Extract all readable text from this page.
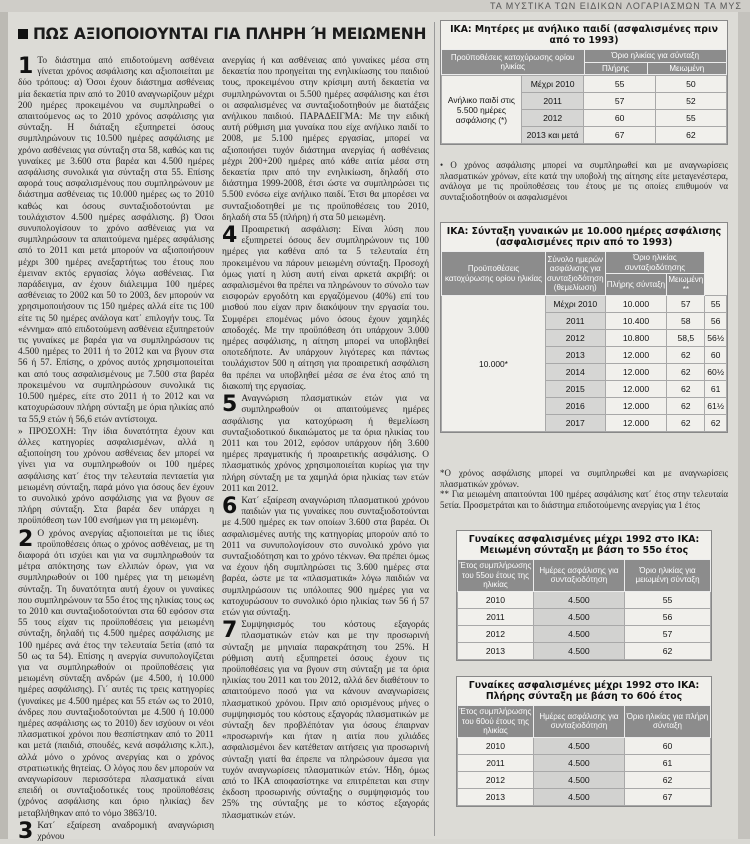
ΤΑ ΜΥΣΤΙΚΑ ΤΩΝ ΕΙΔΙΚΩΝ ΛΟΓΑΡΙΑΣΜΩΝ ΤΑ ΜΥΣ
ΠΩΣ ΑΞΙΟΠΟΙΟΥΝΤΑΙ ΓΙΑ ΠΛΗΡΗ Ή ΜΕΙΩΜΕΝΗ

1 Το διάστημα από επιδοτούμενη ασθένεια γίνεται χρόνος ασφάλισης και αξιοποιείται με δύο τρόπους: α) Όσοι έχουν διάστημα ασθένειας μία δεκαετία πριν από το 2010 αναγνωρίζουν μέχρι 200 ημέρες προκειμένου να συμπληρωθεί ο απαιτούμενος ως το 2010 χρόνος ασφάλισης για σύνταξη. Η διάταξη εξυπηρετεί όσους συμπληρώνουν τις 10.500 ημέρες ασφάλισης με χρόνο ασθένειας για σύνταξη στα 58, καθώς και τις γυναίκες με 3.600 στα βαρέα και 4.500 ημέρες ασφάλισης συνολικά για σύνταξη στα 55. Επίσης αφορά τους ασφαλισμένους που συμπληρώνουν με διάστημα ασθένειας τις 10.000 ημέρες ως το 2010 καθώς και όσους συνταξιοδοτούνται με τουλάχιστον 4.500 ημέρες ασφάλισης. β) Όσοι συνυπολογίσουν το χρόνο ασθένειας για να συμπληρώσουν τα απαιτούμενα ημέρες ασφάλισης από το 2011 και μετά μπορούν να αξιοποιήσουν μέχρι 300 ημέρες ανεξαρτήτως του έτους που έμειναν εκτός εργασίας λόγω ασθένειας. Για παράδειγμα, αν έχουν διάλειμμα 100 ημέρες ασθένειας το 2002 και 50 το 2003, δεν μπορούν να χρησιμοποιήσουν τις 150 ημέρες αλλά είτε τις 100 είτε τις 50 ημέρες ανάλογα κατ΄ επιλογήν τους. Τα «έννημα» από επιδοτούμενη ασθένεια εξυπηρετούν τις γυναίκες με βαρέα για να συμπληρώσουν τις 4.500 ημέρες το 2011 ή το 2012 και να βγουν στα 56 ή 57. Επίσης, ο χρόνος αυτός χρησιμοποιείται και από τους ασφαλισμένους με 7.500 στα βαρέα προκειμένου να συμπληρώσουν συνολικά τις 10.500 ημέρες, είτε στο 2011 ή το 2012 και να κατοχυρώσουν πλήρη σύνταξη με όρια ηλικίας από τα 55,9 ετών ή 56,6 ετών αντίστοιχα.

» ΠΡΟΣΟΧΗ: Την ίδια δυνατότητα έχουν και άλλες κατηγορίες ασφαλισμένων, αλλά η αξιοποίηση του χρόνου ασθένειας δεν μπορεί να γίνει για να συμπληρωθούν οι 100 ημέρες ασφάλισης κατ΄ έτος την τελευταία πενταετία για μειωμένη σύνταξη, παρά μόνο για όσους δεν έχουν το συνολικό χρόνο ασφάλισης για να βγουν σε πλήρη σύνταξη. Στα βαρέα δεν υπάρχει η προϋπόθεση των 100 ενσήμων για τη μειωμένη.

2 Ο χρόνος ανεργίας αξιοποιείται με τις ίδιες προϋποθέσεις όπως ο χρόνος ασθένειας, με τη διαφορά ότι ισχύει και για να συμπληρωθούν τα μέτρα απόκτησης των ελλιπών όρων, για να συμπληρωθούν οι 100 ημέρες για τη μειωμένη σύνταξη. Τη δυνατότητα αυτή έχουν οι γυναίκες που συμπληρώνουν τα 55ο έτος της ηλικίας τους ως το 2010 και συνταξιοδοτούνται στα 60 εφόσον στα 55 τους είχαν τις προϋποθέσεις για μειωμένη σύνταξη, δηλαδή τις 4.500 ημέρες ασφάλισης με 100 ημέρες ανά έτος την τελευταία 5ετία (από τα 50 ως τα 54). Επίσης η ανεργία συνυπολογίζεται για να συμπληρωθούν οι προϋποθέσεις για μειωμένη σύνταξη ανδρών (με 4.500, ή 10.000 ημέρες ασφάλισης). Γι΄ αυτές τις τρεις κατηγορίες (γυναίκες με 4.500 ημέρες και 55 ετών ως το 2010, άνδρες που συνταξιοδοτούνται με 4.500 ή 10.000 ημέρες ασφάλισης ως το 2010) δεν ισχύουν οι νέοι πλασματικοί χρόνοι που θεσπίστηκαν από το 2011 και μετά (παιδιά, σπουδές, κενά ασφάλισης κ.λπ.), αλλά μόνο ο χρόνος ανεργίας και ο χρόνος στρατιωτικής θητείας. Ο λόγος που δεν μπορούν να αναγνωρίσουν περισσότερα πλασματικά είναι επειδή οι συνταξιοδοτικές τους προϋποθέσεις (χρόνος ασφάλισης και όριο ηλικίας) δεν μεταβλήθηκαν από το νόμο 3863/10.

3 Κατ΄ εξαίρεση αναδρομική αναγνώριση χρόνου

ανεργίας ή και ασθένειας από γυναίκες μέσα στη δεκαετία που προηγείται της ενηλικίωσης του παιδιού τους, προκειμένου στην κρίσιμη αυτή δεκαετία να συμπληρώνονται οι 5.500 ημέρες ασφάλισης και έτσι οι ασφαλισμένες να συνταξιοδοτηθούν με διατάξεις ανήλικου παιδιού. ΠΑΡΑΔΕΙΓΜΑ: Με την ειδική αυτή ρύθμιση μια γυναίκα που είχε ανήλικο παιδί το 2008, με 5.100 ημέρες εργασίας, μπορεί να αξιοποιήσει τυχόν διάστημα ανεργίας ή ασθένειας μέχρι 200+200 ημέρες από κάθε αιτία μέσα στη δεκαετία πριν από την ενηλικίωση, δηλαδή στο διάστημα 1999-2008, έτσι ώστε να συμπληρώσει τις 5.500 ενόσω είχε ανήλικο παιδί. Έτσι θα μπορέσει να συνταξιοδοτηθεί με τις προϋποθέσεις του 2010, δηλαδή στα 55 (πλήρη) ή στα 50 μειωμένη.

4 Προαιρετική ασφάλιση: Είναι λύση που εξυπηρετεί όσους δεν συμπληρώνουν τις 100 ημέρες για καθένα από τα 5 τελευταία έτη προκειμένου να πάρουν μειωμένη σύνταξη. Προσοχή όμως γιατί η λύση αυτή είναι αρκετά ακριβή: οι ασφαλισμένοι θα πρέπει να πληρώνουν το σύνολο των εισφορών εργοδότη και εργαζόμενου (40%) επί του μισθού που είχαν πριν διακόψουν την εργασία του. Συμφέρει επομένως μόνο όσους έχουν χαμηλές αποδοχές. Με την προϋπόθεση ότι υπάρχουν 3.000 ημέρες ασφάλισης, η αίτηση μπορεί να υποβληθεί οποτεδήποτε. Αν υπάρχουν λιγότερες και πάντως τουλάχιστον 500 η αίτηση για προαιρετική ασφάλιση θα πρέπει να υποβληθεί μέσα σε ένα έτος από τη διακοπή της εργασίας.

5 Αναγνώριση πλασματικών ετών για να συμπληρωθούν οι απαιτούμενες ημέρες ασφάλισης για κατοχύρωση ή θεμελίωση συνταξιοδοτικού δικαιώματος με τα όρια ηλικίας του 2011 και του 2012, εφόσον υπάρχουν ήδη 3.600 ημέρες πραγματικής ή προαιρετικής ασφάλισης. Ο πλασματικός χρόνος χρησιμοποιείται κυρίως για την πλήρη σύνταξη με τα χαμηλά όρια ηλικίας των ετών 2011 και 2012.

6 Κατ΄ εξαίρεση αναγνώριση πλασματικού χρόνου παιδιών για τις γυναίκες που συνταξιοδοτούνται με 4.500 ημέρες εκ των οποίων 3.600 στα βαρέα. Οι ασφαλισμένες αυτής της κατηγορίας μπορούν από το 2011 να συνυπολογίσουν στο συνολικό χρόνο για συνταξιοδότηση και το χρόνο τέκνων. Θα πρέπει όμως να έχουν ήδη συμπληρώσει τις 3.600 ημέρες στα βαρέα, ώστε με τα «πλασματικά» λόγω παιδιών να συμπληρώσουν τις υπόλοιπες 900 ημέρες για να κατοχυρώσουν το συνολικό όριο ηλικίας των 56 ή 57 ετών για σύνταξη.

7 Συμψηφισμός του κόστους εξαγοράς πλασματικών ετών και με την προσωρινή σύνταξη με μηνιαία παρακράτηση του 25%. Η ρύθμιση αυτή εξυπηρετεί όσους έχουν τις προϋποθέσεις για να βγουν στη σύνταξη με τα όρια ηλικίας του 2011 και του 2012, αλλά δεν διαθέτουν το απαιτούμενο ποσό για να κάνουν αναγνωρίσεις πλασματικού χρόνου. Πριν από ορισμένους μήνες ο συμψηφισμός του κόστους εξαγοράς πλασματικών με σύνταξη δεν προβλέπόταν για όσους έπαιρναν «προσωρινή» και ήταν η αιτία που χιλιάδες ασφαλισμένοι δεν κατέθεταν αιτήσεις για προσωρινή σύνταξη γιατί θα έπρεπε να πληρώσουν άμεσα για τυχόν αναγνωρίσεις πλασματικών ετών. Ήδη, όμως από το ΙΚΑ αποφασίστηκε να επιτρέπεται και στην έκδοση προσωρινής σύνταξης ο συμψηφισμός του 25% της σύνταξης με το κόστος εξαγοράς πλασματικών ετών.

ΙΚΑ: Μητέρες με ανήλικο παιδί (ασφαλισμένες πριν από το 1993)
Προϋποθέσεις κατοχύρωσης ορίου ηλικίας	Όριο ηλικίας για σύνταξη	
	Πλήρης	Μειωμένη
Ανήλικο παιδί στις 5.500 ημέρες ασφάλισης (*)	Μέχρι 2010	55	50
	2011	57	52
	2012	60	55
	2013 και μετά	67	62
• Ο χρόνος ασφάλισης μπορεί να συμπληρωθεί και με αναγνωρίσεις πλασματικών χρόνων, είτε κατά την υποβολή της αίτησης είτε μεταγενέστερα, ανάλογα με τις προϋποθέσεις του έτους με τις οποίες επιθυμούν να συνταξιοδοτηθούν οι ασφαλισμένοι
ΙΚΑ: Σύνταξη γυναικών με 10.000 ημέρες ασφάλισης (ασφαλισμένες πριν από το 1993)
Προϋποθέσεις κατοχύρωσης ορίου ηλικίας	Σύνολο ημερών ασφάλισης για συνταξιοδότηση (θεμελίωση)	Όριο ηλικίας συνταξιοδότησης		
		Πλήρης σύνταξη	Μειωμένη **	
10.000*	Μέχρι 2010	10.000	57	55
	2011	10.400	58	56
	2012	10.800	58,5	56½
	2013	12.000	62	60
	2014	12.000	62	60½
	2015	12.000	62	61
	2016	12.000	62	61½
	2017	12.000	62	62
*Ο χρόνος ασφάλισης μπορεί να συμπληρωθεί και με αναγνωρίσεις πλασματικών χρόνων.
** Για μειωμένη απαιτούνται 100 ημέρες ασφάλισης κατ΄ έτος στην τελευταία 5ετία. Προσμετράται και το διάστημα επιδοτούμενης ανεργίας για 1 έτος
Γυναίκες ασφαλισμένες μέχρι 1992 στο ΙΚΑ: Μειωμένη σύνταξη με βάση το 55ο έτος
Έτος συμπλήρωσης του 55ου έτους της ηλικίας	Ημέρες ασφάλισης για συνταξιοδότηση	Όριο ηλικίας για μειωμένη σύνταξη
2010	4.500	55
2011	4.500	56
2012	4.500	57
2013	4.500	62
Γυναίκες ασφαλισμένες μέχρι 1992 στο ΙΚΑ: Πλήρης σύνταξη με βάση το 60ό έτος
Έτος συμπλήρωσης του 60ού έτους της ηλικίας	Ημέρες ασφάλισης για συνταξιοδότηση	Όριο ηλικίας για πλήρη σύνταξη
2010	4.500	60
2011	4.500	61
2012	4.500	62
2013	4.500	67
